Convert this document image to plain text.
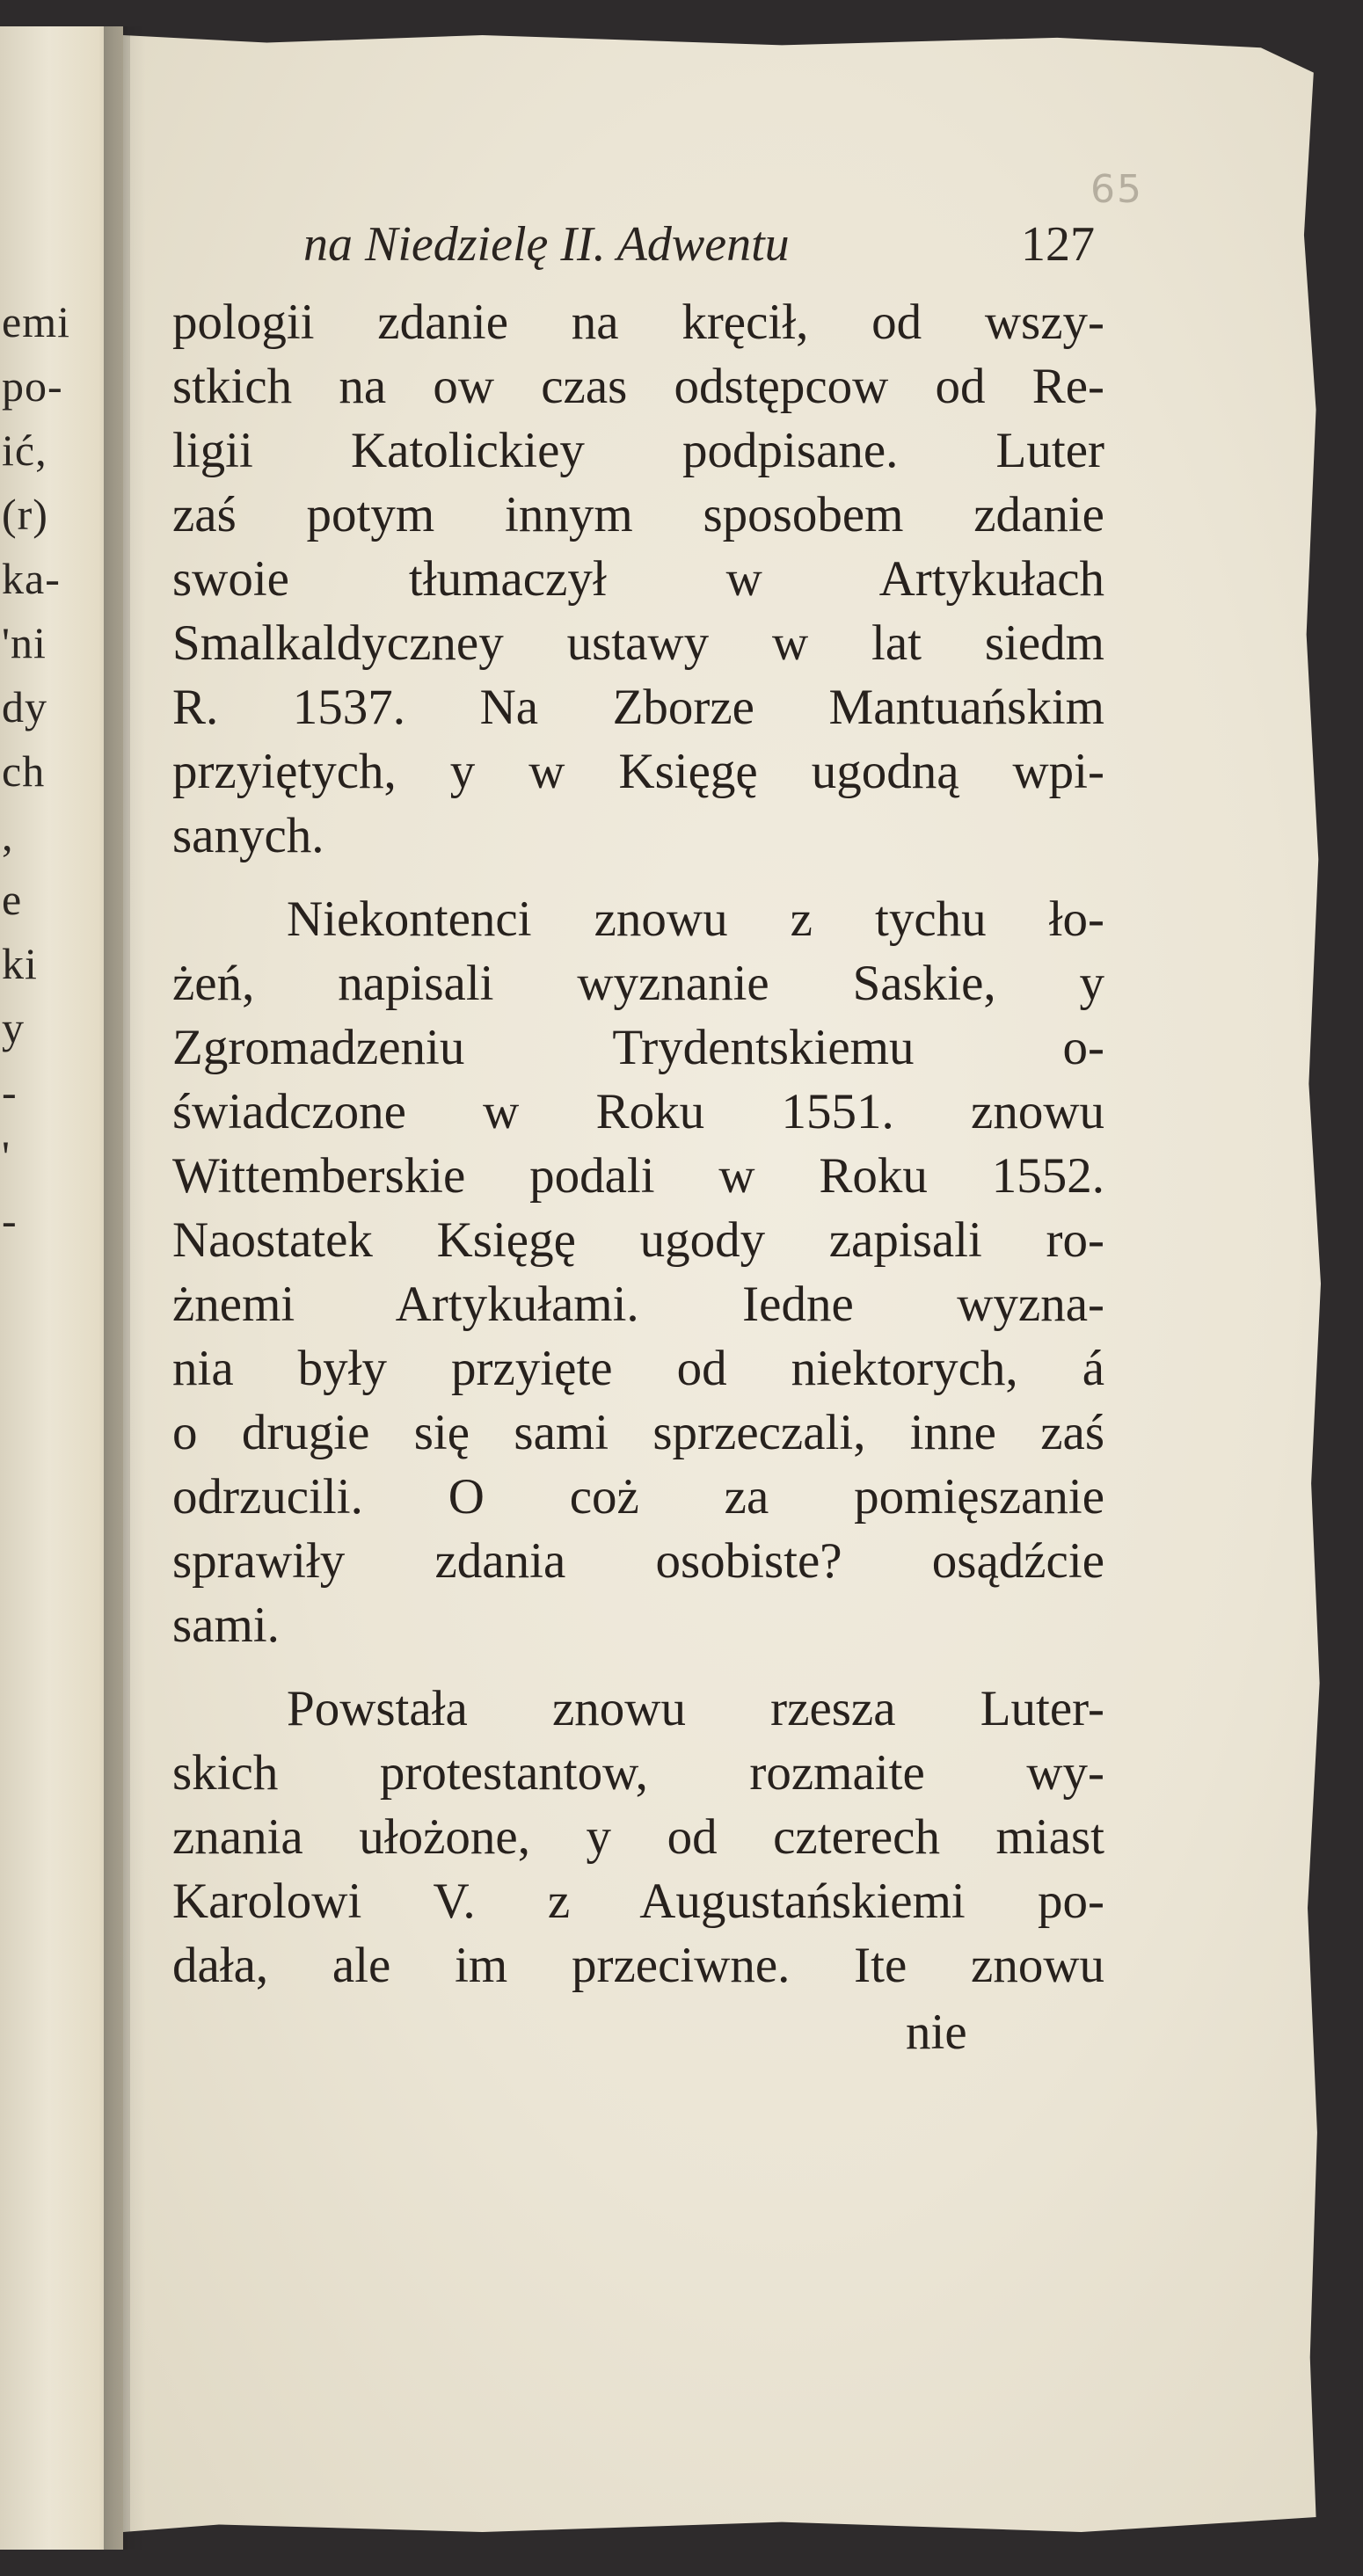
emi
po-
ić,
(r)
ka-
'ni
dy
ch
,
e
ki
y
-
'
-
65
na Niedzielę II. Adwentu	127
pologii zdanie na kręcił, od wszy-
stkich na ow czas odstępcow od Re-
ligii Katolickiey podpisane. Luter
zaś potym innym sposobem zdanie
swoie tłumaczył w Artykułach
Smalkaldyczney ustawy w lat siedm
R. 1537. Na Zborze Mantuańskim
przyiętych, y w Księgę ugodną wpi-
sanych.
Niekontenci znowu z tychu ło-
żeń, napisali wyznanie Saskie, y
Zgromadzeniu Trydentskiemu o-
świadczone w Roku 1551. znowu
Wittemberskie podali w Roku 1552.
Naostatek Księgę ugody zapisali ro-
żnemi Artykułami. Iedne wyzna-
nia były przyięte od niektorych, á
o drugie się sami sprzeczali, inne zaś
odrzucili. O coż za pomięszanie
sprawiły zdania osobiste? osądźcie
sami.
Powstała znowu rzesza Luter-
skich protestantow, rozmaite wy-
znania ułożone, y od czterech miast
Karolowi V. z Augustańskiemi po-
dała, ale im przeciwne. Ite znowu
nie
